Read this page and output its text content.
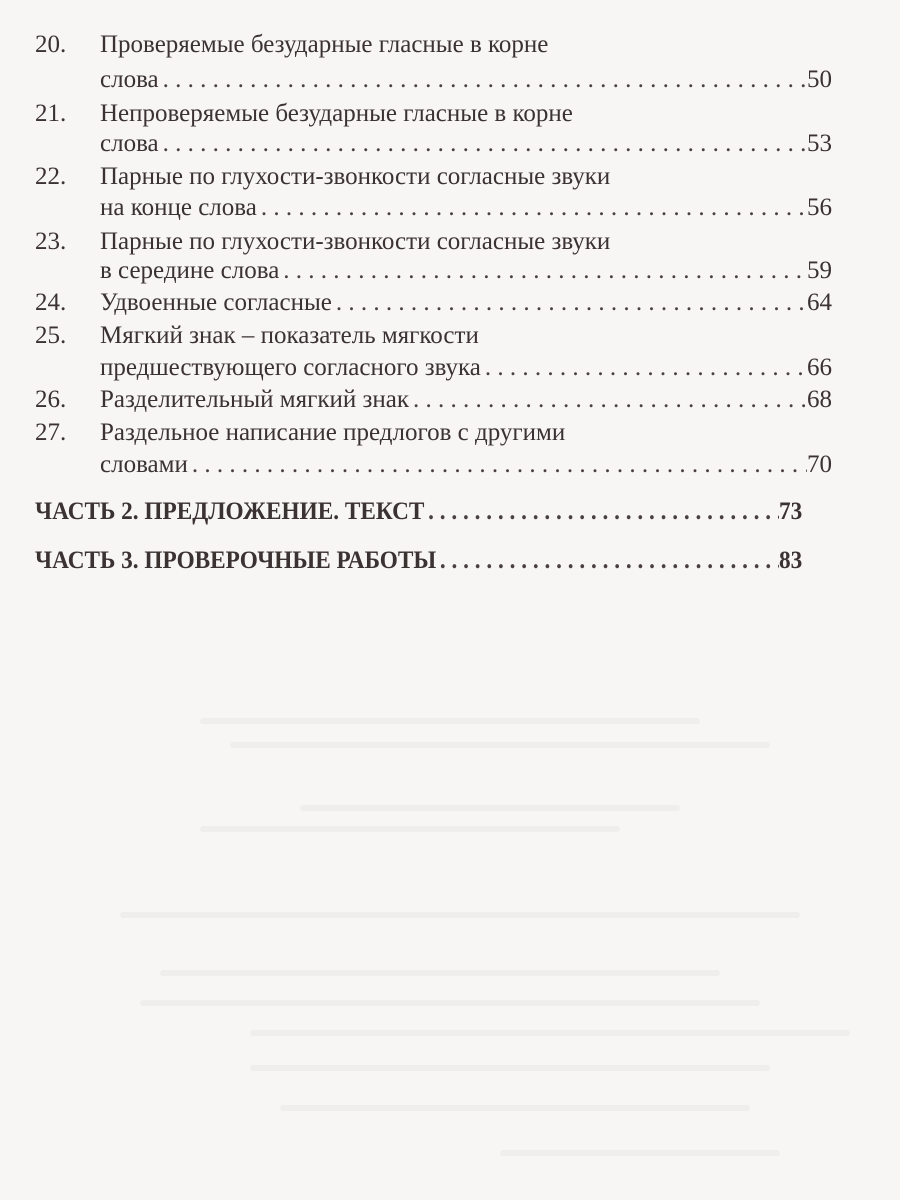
20. Проверяемые безударные гласные в корне
слова . . .	50
21. Непроверяемые безударные гласные в корне
слова . . .	53
22. Парные по глухости-звонкости согласные звуки
на конце слова . . .	56
23. Парные по глухости-звонкости согласные звуки
в середине слова . . .	59
24. Удвоенные согласные . . .	64
25. Мягкий знак – показатель мягкости
предшествующего согласного звука . . .	66
26. Разделительный мягкий знак . . .	68
27. Раздельное написание предлогов с другими
словами . . .	70
ЧАСТЬ 2. ПРЕДЛОЖЕНИЕ. ТЕКСТ . . .	73
ЧАСТЬ 3. ПРОВЕРОЧНЫЕ РАБОТЫ . . .	83
